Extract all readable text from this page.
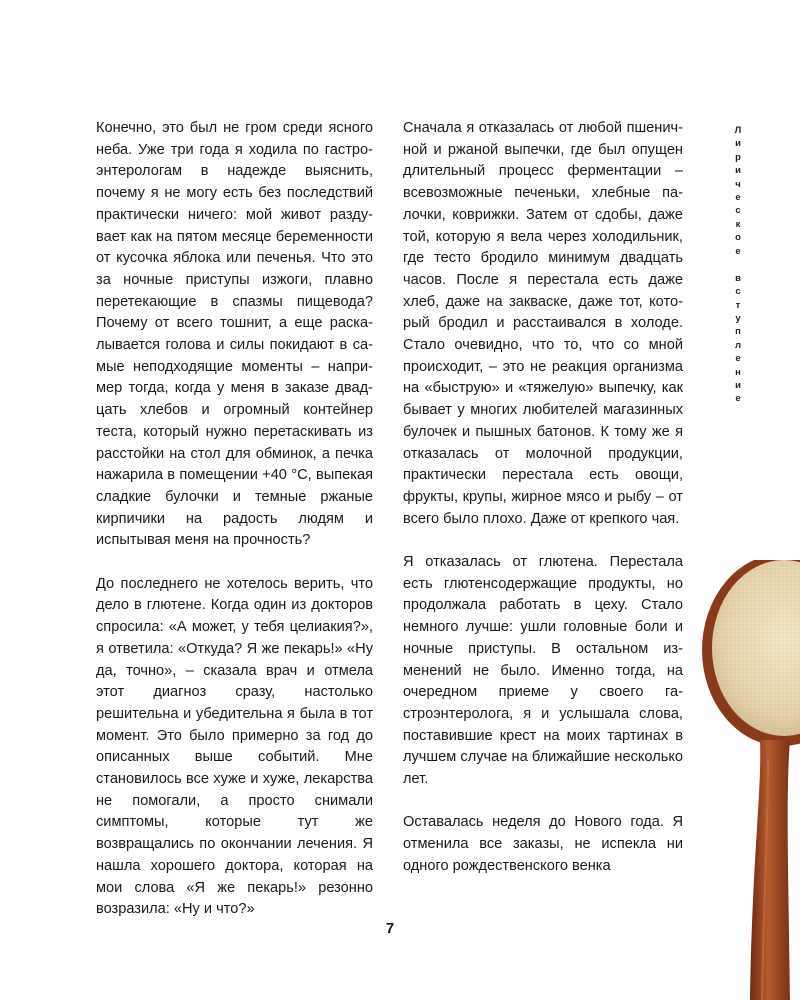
Конечно, это был не гром среди ясного неба. Уже три года я ходила по гастроэнтерологам в надежде выяснить, почему я не могу есть без последствий практически ничего: мой живот раздувает как на пятом месяце беременности от кусочка яблока или печенья. Что это за ночные приступы изжоги, плавно перетекающие в спазмы пищевода? Почему от всего тошнит, а еще раскалывается голова и силы покидают в самые неподходящие моменты – например тогда, когда у меня в заказе двадцать хлебов и огромный контейнер теста, который нужно перетаскивать из расстойки на стол для обминок, а печка нажарила в помещении +40 °С, выпекая сладкие булочки и темные ржаные кирпичики на радость людям и испытывая меня на прочность?

До последнего не хотелось верить, что дело в глютене. Когда один из докторов спросила: «А может, у тебя целиакия?», я ответила: «Откуда? Я же пекарь!» «Ну да, точно», – сказала врач и отмела этот диагноз сразу, настолько решительна и убедительна я была в тот момент. Это было примерно за год до описанных выше событий. Мне становилось все хуже и хуже, лекарства не помогали, а просто снимали симптомы, которые тут же возвращались по окончании лечения. Я нашла хорошего доктора, которая на мои слова «Я же пекарь!» резонно возразила: «Ну и что?»

Сначала я отказалась от любой пшеничной и ржаной выпечки, где был опущен длительный процесс ферментации – всевозможные печеньки, хлебные палочки, коврижки. Затем от сдобы, даже той, которую я вела через холодильник, где тесто бродило минимум двадцать часов. После я перестала есть даже хлеб, даже на закваске, даже тот, который бродил и расстаивался в холоде. Стало очевидно, что то, что со мной происходит, – это не реакция организма на «быструю» и «тяжелую» выпечку, как бывает у многих любителей магазинных булочек и пышных батонов. К тому же я отказалась от молочной продукции, практически перестала есть овощи, фрукты, крупы, жирное мясо и рыбу – от всего было плохо. Даже от крепкого чая.

Я отказалась от глютена. Перестала есть глютенсодержащие продукты, но продолжала работать в цеху. Стало немного лучше: ушли головные боли и ночные приступы. В остальном изменений не было. Именно тогда, на очередном приеме у своего гастроэнтеролога, я и услышала слова, поставившие крест на моих тартинах в лучшем случае на ближайшие несколько лет.

Оставалась неделя до Нового года. Я отменила все заказы, не испекла ни одного рождественского венка

Л
и
р
и
ч
е
с
к
о
е

в
с
т
у
п
л
е
н
и
е
7
